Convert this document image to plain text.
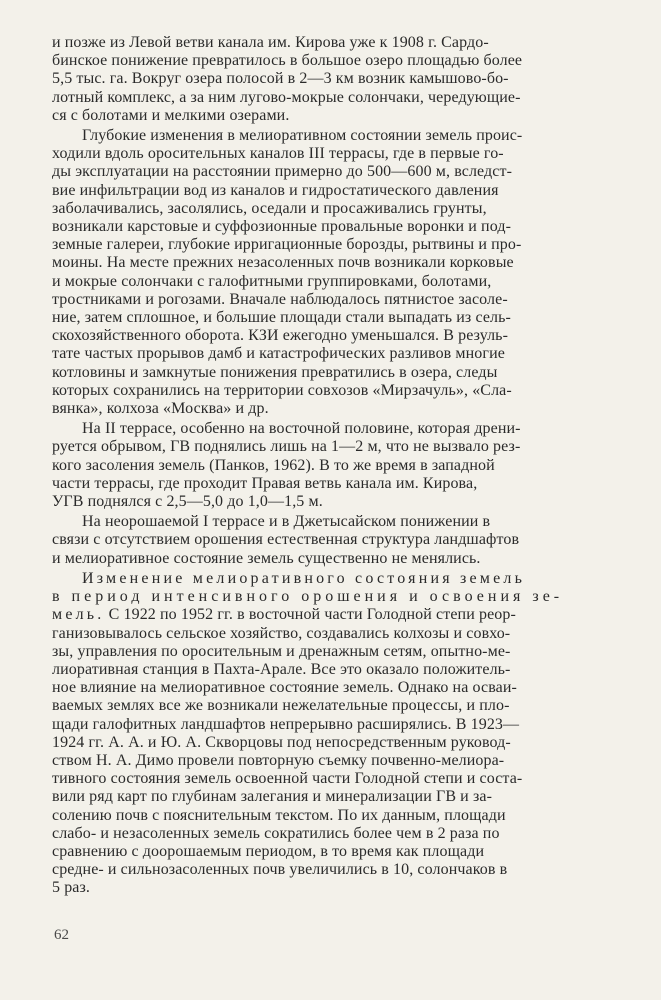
и позже из Левой ветви канала им. Кирова уже к 1908 г. Сардо-
бинское понижение превратилось в большое озеро площадью более
5,5 тыс. га. Вокруг озера полосой в 2—3 км возник камышово-бо-
лотный комплекс, а за ним лугово-мокрые солончаки, чередующие-
ся с болотами и мелкими озерами.
Глубокие изменения в мелиоративном состоянии земель проис-
ходили вдоль оросительных каналов III террасы, где в первые го-
ды эксплуатации на расстоянии примерно до 500—600 м, вследст-
вие инфильтрации вод из каналов и гидростатического давления
заболачивались, засолялись, оседали и просаживались грунты,
возникали карстовые и суффозионные провальные воронки и под-
земные галереи, глубокие ирригационные борозды, рытвины и про-
моины. На месте прежних незасоленных почв возникали корковые
и мокрые солончаки с галофитными группировками, болотами,
тростниками и рогозами. Вначале наблюдалось пятнистое засоле-
ние, затем сплошное, и большие площади стали выпадать из сель-
скохозяйственного оборота. КЗИ ежегодно уменьшался. В резуль-
тате частых прорывов дамб и катастрофических разливов многие
котловины и замкнутые понижения превратились в озера, следы
которых сохранились на территории совхозов «Мирзачуль», «Сла-
вянка», колхоза «Москва» и др.
На II террасе, особенно на восточной половине, которая дрени-
руется обрывом, ГВ поднялись лишь на 1—2 м, что не вызвало рез-
кого засоления земель (Панков, 1962). В то же время в западной
части террасы, где проходит Правая ветвь канала им. Кирова,
УГВ поднялся с 2,5—5,0 до 1,0—1,5 м.
На неорошаемой I террасе и в Джетысайском понижении в
связи с отсутствием орошения естественная структура ландшафтов
и мелиоративное состояние земель существенно не менялись.
Изменение мелиоративного состояния земель
в период интенсивного орошения и освоения зе-
мель. С 1922 по 1952 гг. в восточной части Голодной степи реор-
ганизовывалось сельское хозяйство, создавались колхозы и совхо-
зы, управления по оросительным и дренажным сетям, опытно-ме-
лиоративная станция в Пахта-Арале. Все это оказало положитель-
ное влияние на мелиоративное состояние земель. Однако на осваи-
ваемых землях все же возникали нежелательные процессы, и пло-
щади галофитных ландшафтов непрерывно расширялись. В 1923—
1924 гг. А. А. и Ю. А. Скворцовы под непосредственным руковод-
ством Н. А. Димо провели повторную съемку почвенно-мелиора-
тивного состояния земель освоенной части Голодной степи и соста-
вили ряд карт по глубинам залегания и минерализации ГВ и за-
солению почв с пояснительным текстом. По их данным, площади
слабо- и незасоленных земель сократились более чем в 2 раза по
сравнению с доорошаемым периодом, в то время как площади
средне- и сильнозасоленных почв увеличились в 10, солончаков в
5 раз.
62
